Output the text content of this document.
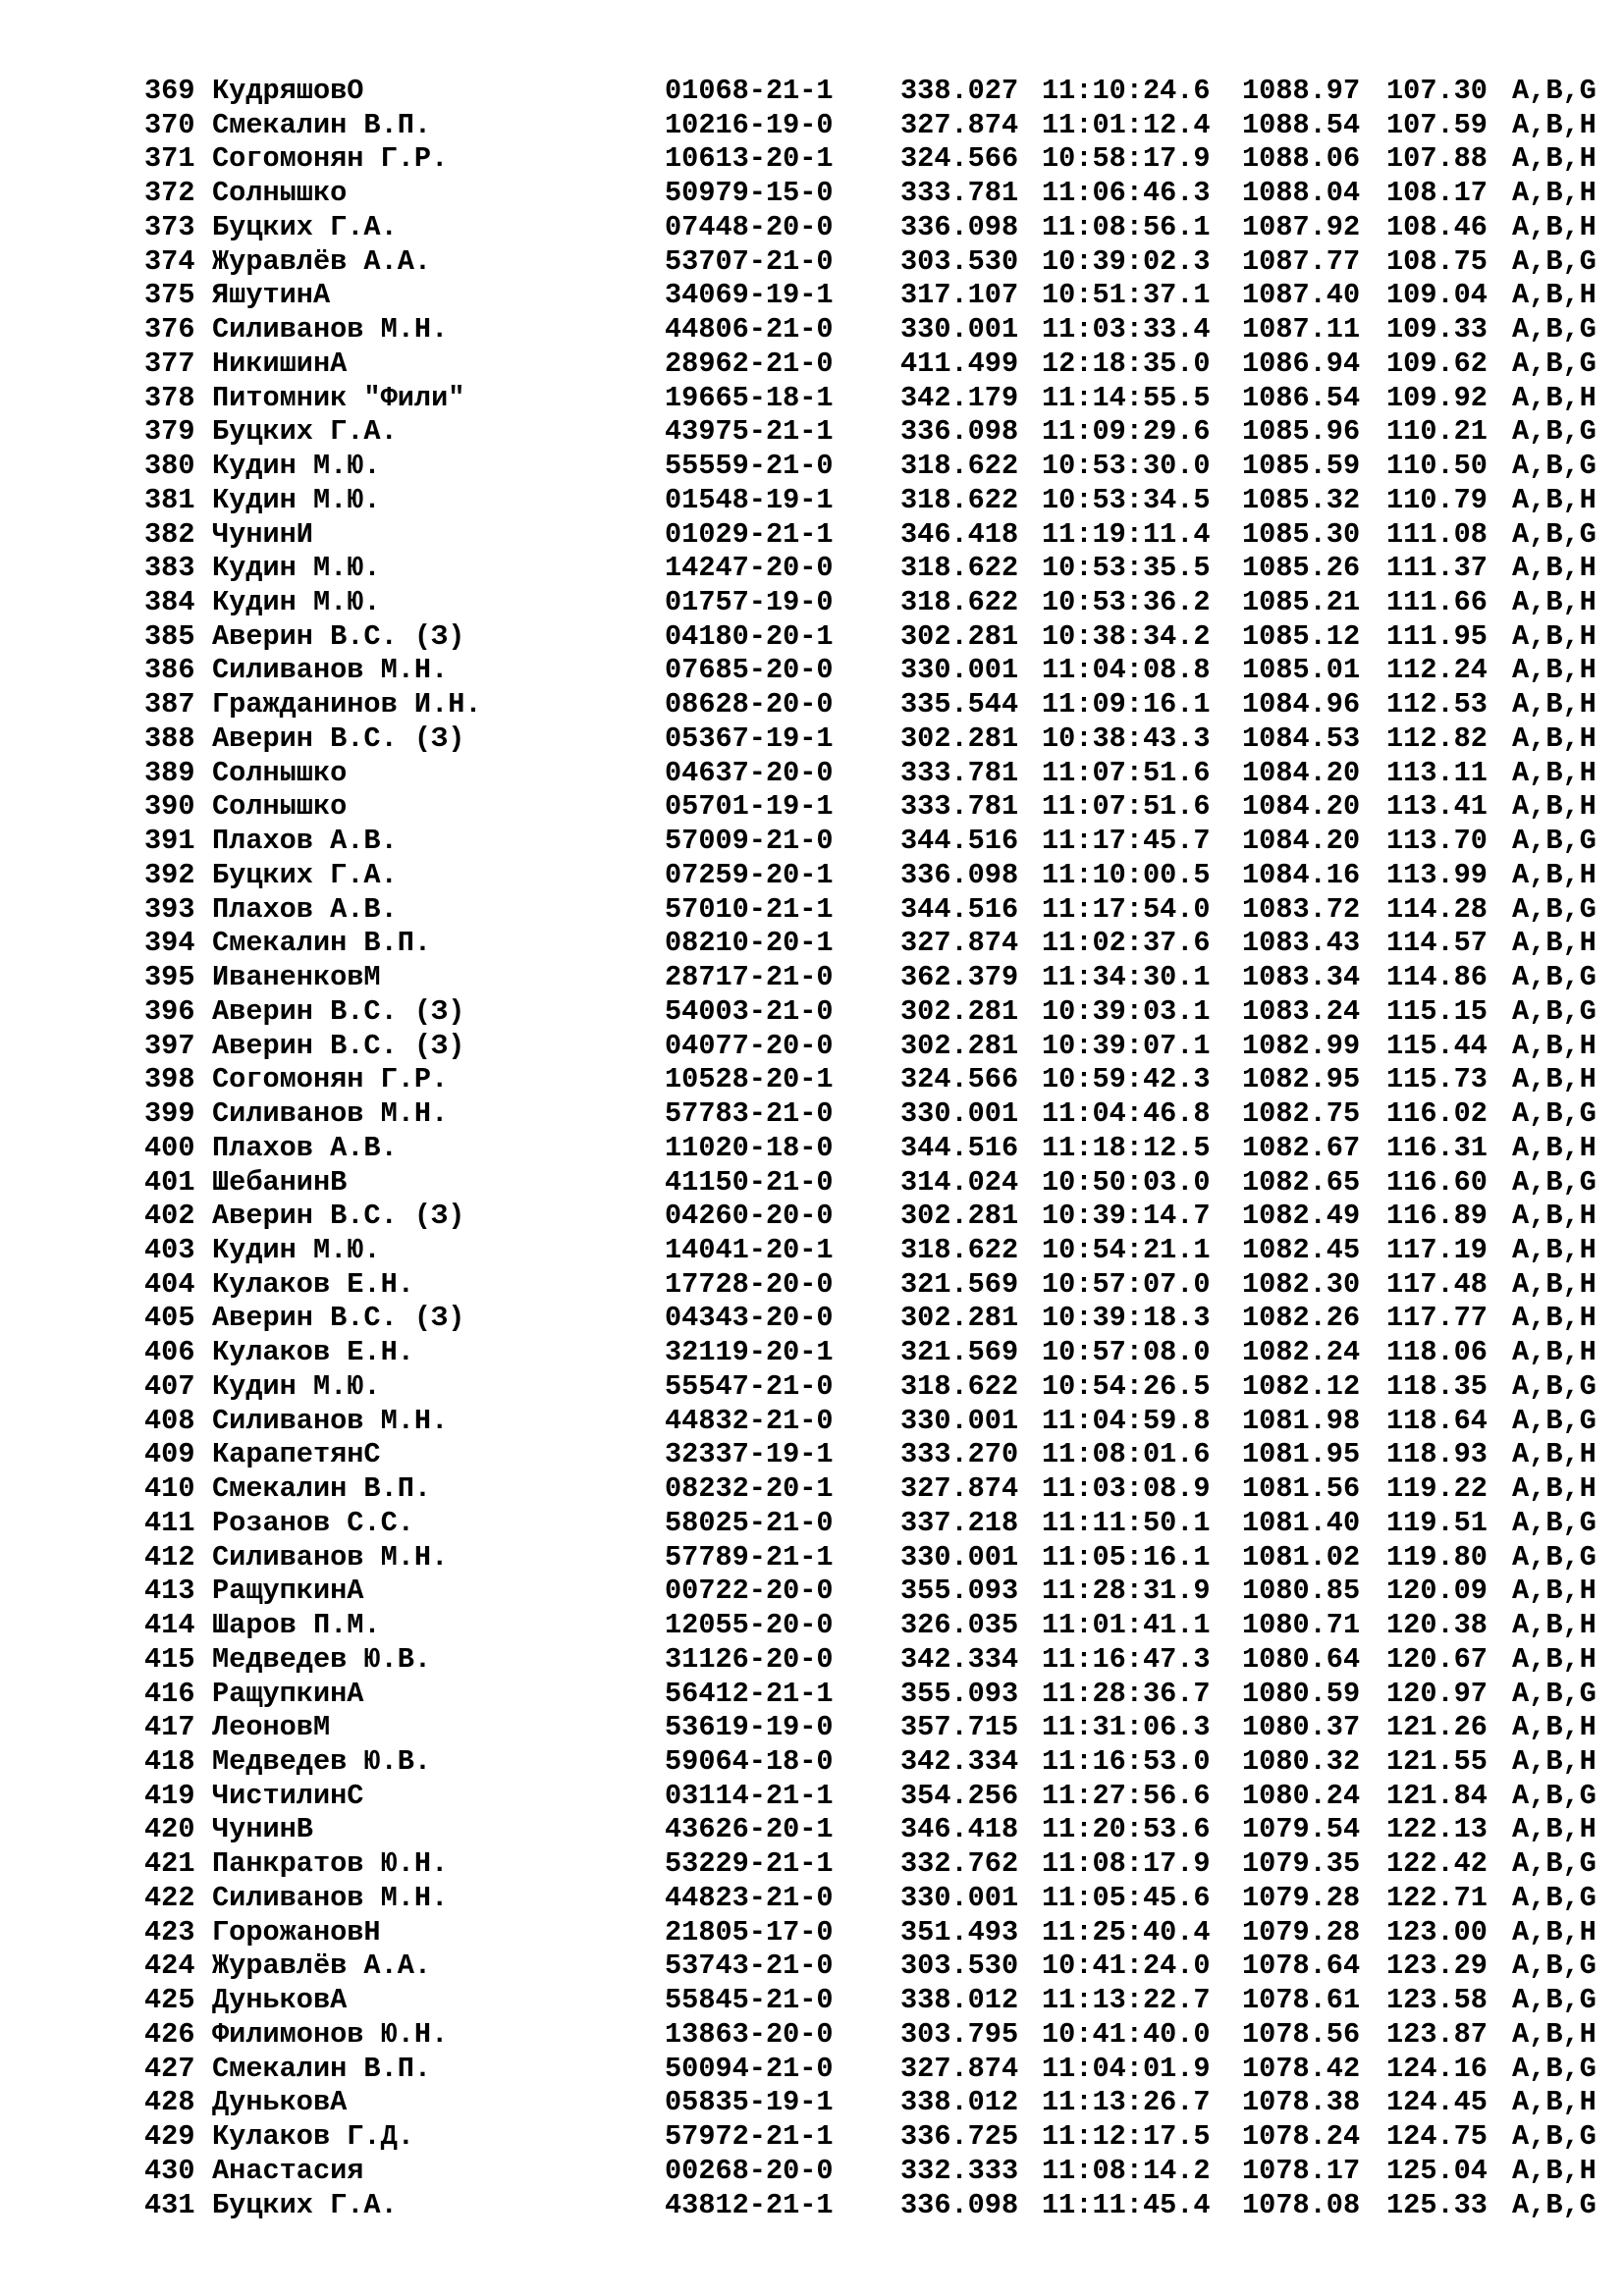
369 КудряшовО	01068-21-1	338.027 11:10:24.6	1088.97 107.30 A,B,G
370 Смекалин В.П.	10216-19-0	327.874 11:01:12.4	1088.54 107.59 A,B,H
371 Согомонян Г.Р.	10613-20-1	324.566 10:58:17.9	1088.06 107.88 A,B,H
372 Солнышко	50979-15-0	333.781 11:06:46.3	1088.04 108.17 A,B,H
373 Буцких Г.А.	07448-20-0	336.098 11:08:56.1	1087.92 108.46 A,B,H
374 Журавлёв А.А.	53707-21-0	303.530 10:39:02.3	1087.77 108.75 A,B,G
375 ЯшутинА	34069-19-1	317.107 10:51:37.1	1087.40 109.04 A,B,H
376 Силиванов М.Н.	44806-21-0	330.001 11:03:33.4	1087.11 109.33 A,B,G
377 НикишинА	28962-21-0	411.499 12:18:35.0	1086.94 109.62 A,B,G
378 Питомник "Фили"	19665-18-1	342.179 11:14:55.5	1086.54 109.92 A,B,H
379 Буцких Г.А.	43975-21-1	336.098 11:09:29.6	1085.96 110.21 A,B,G
380 Кудин М.Ю.	55559-21-0	318.622 10:53:30.0	1085.59 110.50 A,B,G
381 Кудин М.Ю.	01548-19-1	318.622 10:53:34.5	1085.32 110.79 A,B,H
382 ЧунинИ	01029-21-1	346.418 11:19:11.4	1085.30 111.08 A,B,G
383 Кудин М.Ю.	14247-20-0	318.622 10:53:35.5	1085.26 111.37 A,B,H
384 Кудин М.Ю.	01757-19-0	318.622 10:53:36.2	1085.21 111.66 A,B,H
385 Аверин В.С. (З)	04180-20-1	302.281 10:38:34.2	1085.12 111.95 A,B,H
386 Силиванов М.Н.	07685-20-0	330.001 11:04:08.8	1085.01 112.24 A,B,H
387 Гражданинов И.Н.	08628-20-0	335.544 11:09:16.1	1084.96 112.53 A,B,H
388 Аверин В.С. (З)	05367-19-1	302.281 10:38:43.3	1084.53 112.82 A,B,H
389 Солнышко	04637-20-0	333.781 11:07:51.6	1084.20 113.11 A,B,H
390 Солнышко	05701-19-1	333.781 11:07:51.6	1084.20 113.41 A,B,H
391 Плахов А.В.	57009-21-0	344.516 11:17:45.7	1084.20 113.70 A,B,G
392 Буцких Г.А.	07259-20-1	336.098 11:10:00.5	1084.16 113.99 A,B,H
393 Плахов А.В.	57010-21-1	344.516 11:17:54.0	1083.72 114.28 A,B,G
394 Смекалин В.П.	08210-20-1	327.874 11:02:37.6	1083.43 114.57 A,B,H
395 ИваненковМ	28717-21-0	362.379 11:34:30.1	1083.34 114.86 A,B,G
396 Аверин В.С. (З)	54003-21-0	302.281 10:39:03.1	1083.24 115.15 A,B,G
397 Аверин В.С. (З)	04077-20-0	302.281 10:39:07.1	1082.99 115.44 A,B,H
398 Согомонян Г.Р.	10528-20-1	324.566 10:59:42.3	1082.95 115.73 A,B,H
399 Силиванов М.Н.	57783-21-0	330.001 11:04:46.8	1082.75 116.02 A,B,G
400 Плахов А.В.	11020-18-0	344.516 11:18:12.5	1082.67 116.31 A,B,H
401 ШебанинВ	41150-21-0	314.024 10:50:03.0	1082.65 116.60 A,B,G
402 Аверин В.С. (З)	04260-20-0	302.281 10:39:14.7	1082.49 116.89 A,B,H
403 Кудин М.Ю.	14041-20-1	318.622 10:54:21.1	1082.45 117.19 A,B,H
404 Кулаков Е.Н.	17728-20-0	321.569 10:57:07.0	1082.30 117.48 A,B,H
405 Аверин В.С. (З)	04343-20-0	302.281 10:39:18.3	1082.26 117.77 A,B,H
406 Кулаков Е.Н.	32119-20-1	321.569 10:57:08.0	1082.24 118.06 A,B,H
407 Кудин М.Ю.	55547-21-0	318.622 10:54:26.5	1082.12 118.35 A,B,G
408 Силиванов М.Н.	44832-21-0	330.001 11:04:59.8	1081.98 118.64 A,B,G
409 КарапетянС	32337-19-1	333.270 11:08:01.6	1081.95 118.93 A,B,H
410 Смекалин В.П.	08232-20-1	327.874 11:03:08.9	1081.56 119.22 A,B,H
411 Розанов С.С.	58025-21-0	337.218 11:11:50.1	1081.40 119.51 A,B,G
412 Силиванов М.Н.	57789-21-1	330.001 11:05:16.1	1081.02 119.80 A,B,G
413 РащупкинА	00722-20-0	355.093 11:28:31.9	1080.85 120.09 A,B,H
414 Шаров П.М.	12055-20-0	326.035 11:01:41.1	1080.71 120.38 A,B,H
415 Медведев Ю.В.	31126-20-0	342.334 11:16:47.3	1080.64 120.67 A,B,H
416 РащупкинА	56412-21-1	355.093 11:28:36.7	1080.59 120.97 A,B,G
417 ЛеоновМ	53619-19-0	357.715 11:31:06.3	1080.37 121.26 A,B,H
418 Медведев Ю.В.	59064-18-0	342.334 11:16:53.0	1080.32 121.55 A,B,H
419 ЧистилинС	03114-21-1	354.256 11:27:56.6	1080.24 121.84 A,B,G
420 ЧунинВ	43626-20-1	346.418 11:20:53.6	1079.54 122.13 A,B,H
421 Панкратов Ю.Н.	53229-21-1	332.762 11:08:17.9	1079.35 122.42 A,B,G
422 Силиванов М.Н.	44823-21-0	330.001 11:05:45.6	1079.28 122.71 A,B,G
423 ГорожановН	21805-17-0	351.493 11:25:40.4	1079.28 123.00 A,B,H
424 Журавлёв А.А.	53743-21-0	303.530 10:41:24.0	1078.64 123.29 A,B,G
425 ДуньковА	55845-21-0	338.012 11:13:22.7	1078.61 123.58 A,B,G
426 Филимонов Ю.Н.	13863-20-0	303.795 10:41:40.0	1078.56 123.87 A,B,H
427 Смекалин В.П.	50094-21-0	327.874 11:04:01.9	1078.42 124.16 A,B,G
428 ДуньковА	05835-19-1	338.012 11:13:26.7	1078.38 124.45 A,B,H
429 Кулаков Г.Д.	57972-21-1	336.725 11:12:17.5	1078.24 124.75 A,B,G
430 Анастасия	00268-20-0	332.333 11:08:14.2	1078.17 125.04 A,B,H
431 Буцких Г.А.	43812-21-1	336.098 11:11:45.4	1078.08 125.33 A,B,G
